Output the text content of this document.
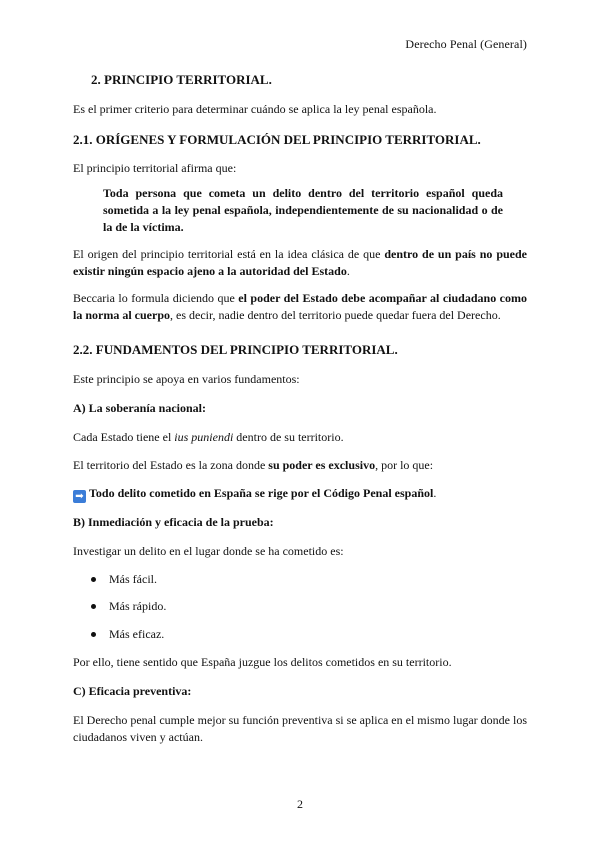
Derecho Penal (General)
2. PRINCIPIO TERRITORIAL.
Es el primer criterio para determinar cuándo se aplica la ley penal española.
2.1. ORÍGENES Y FORMULACIÓN DEL PRINCIPIO TERRITORIAL.
El principio territorial afirma que:
Toda persona que cometa un delito dentro del territorio español queda sometida a la ley penal española, independientemente de su nacionalidad o de la de la víctima.
El origen del principio territorial está en la idea clásica de que dentro de un país no puede existir ningún espacio ajeno a la autoridad del Estado.
Beccaria lo formula diciendo que el poder del Estado debe acompañar al ciudadano como la norma al cuerpo, es decir, nadie dentro del territorio puede quedar fuera del Derecho.
2.2. FUNDAMENTOS DEL PRINCIPIO TERRITORIAL.
Este principio se apoya en varios fundamentos:
A) La soberanía nacional:
Cada Estado tiene el ius puniendi dentro de su territorio.
El territorio del Estado es la zona donde su poder es exclusivo, por lo que:
➡ Todo delito cometido en España se rige por el Código Penal español.
B) Inmediación y eficacia de la prueba:
Investigar un delito en el lugar donde se ha cometido es:
Más fácil.
Más rápido.
Más eficaz.
Por ello, tiene sentido que España juzgue los delitos cometidos en su territorio.
C) Eficacia preventiva:
El Derecho penal cumple mejor su función preventiva si se aplica en el mismo lugar donde los ciudadanos viven y actúan.
2
